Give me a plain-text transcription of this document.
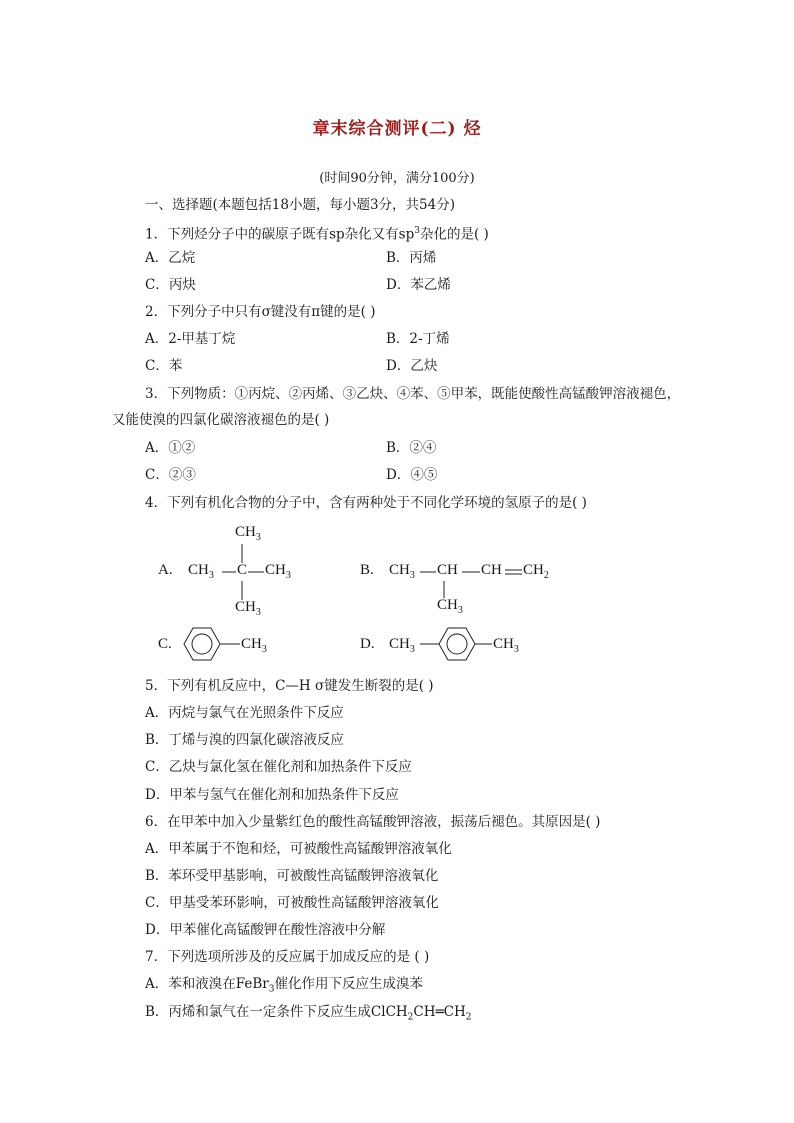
章末综合测评(二) 烃
(时间90分钟，满分100分)
一、选择题(本题包括18小题，每小题3分，共54分)
1．下列烃分子中的碳原子既有sp杂化又有$sp^3$杂化的是( )
A．乙烷	B．丙烯
C．丙炔	D．苯乙烯
2．下列分子中只有σ键没有π键的是( )
A．2-甲基丁烷	B．2-丁烯
C．苯	D．乙炔
3．下列物质：①丙烷、②丙烯、③乙炔、④苯、⑤甲苯，既能使酸性高锰酸钾溶液褪色，
又能使溴的四氯化碳溶液褪色的是( )
A．①②	B．②④
C．②③	D．④⑤
4．下列有机化合物的分子中，含有两种处于不同化学环境的氢原子的是( )
A.
$CH_3$
$CH_3$ C $CH_3$
$CH_3$
B. $CH_3$ CH CH $CH_2$
$CH_3$
C.	$CH_3$	D. $CH_3$	$CH_3$
5．下列有机反应中，C—H σ键发生断裂的是( )
A．丙烷与氯气在光照条件下反应
B．丁烯与溴的四氯化碳溶液反应
C．乙炔与氯化氢在催化剂和加热条件下反应
D．甲苯与氢气在催化剂和加热条件下反应
6．在甲苯中加入少量紫红色的酸性高锰酸钾溶液，振荡后褪色。其原因是( )
A．甲苯属于不饱和烃，可被酸性高锰酸钾溶液氧化
B．苯环受甲基影响，可被酸性高锰酸钾溶液氧化
C．甲基受苯环影响，可被酸性高锰酸钾溶液氧化
D．甲苯催化高锰酸钾在酸性溶液中分解
7．下列选项所涉及的反应属于加成反应的是 ( )
A．苯和液溴在FeBr$_3$催化作用下反应生成溴苯
B．丙烯和氯气在一定条件下反应生成$ClCH_2CH═CH_2$
